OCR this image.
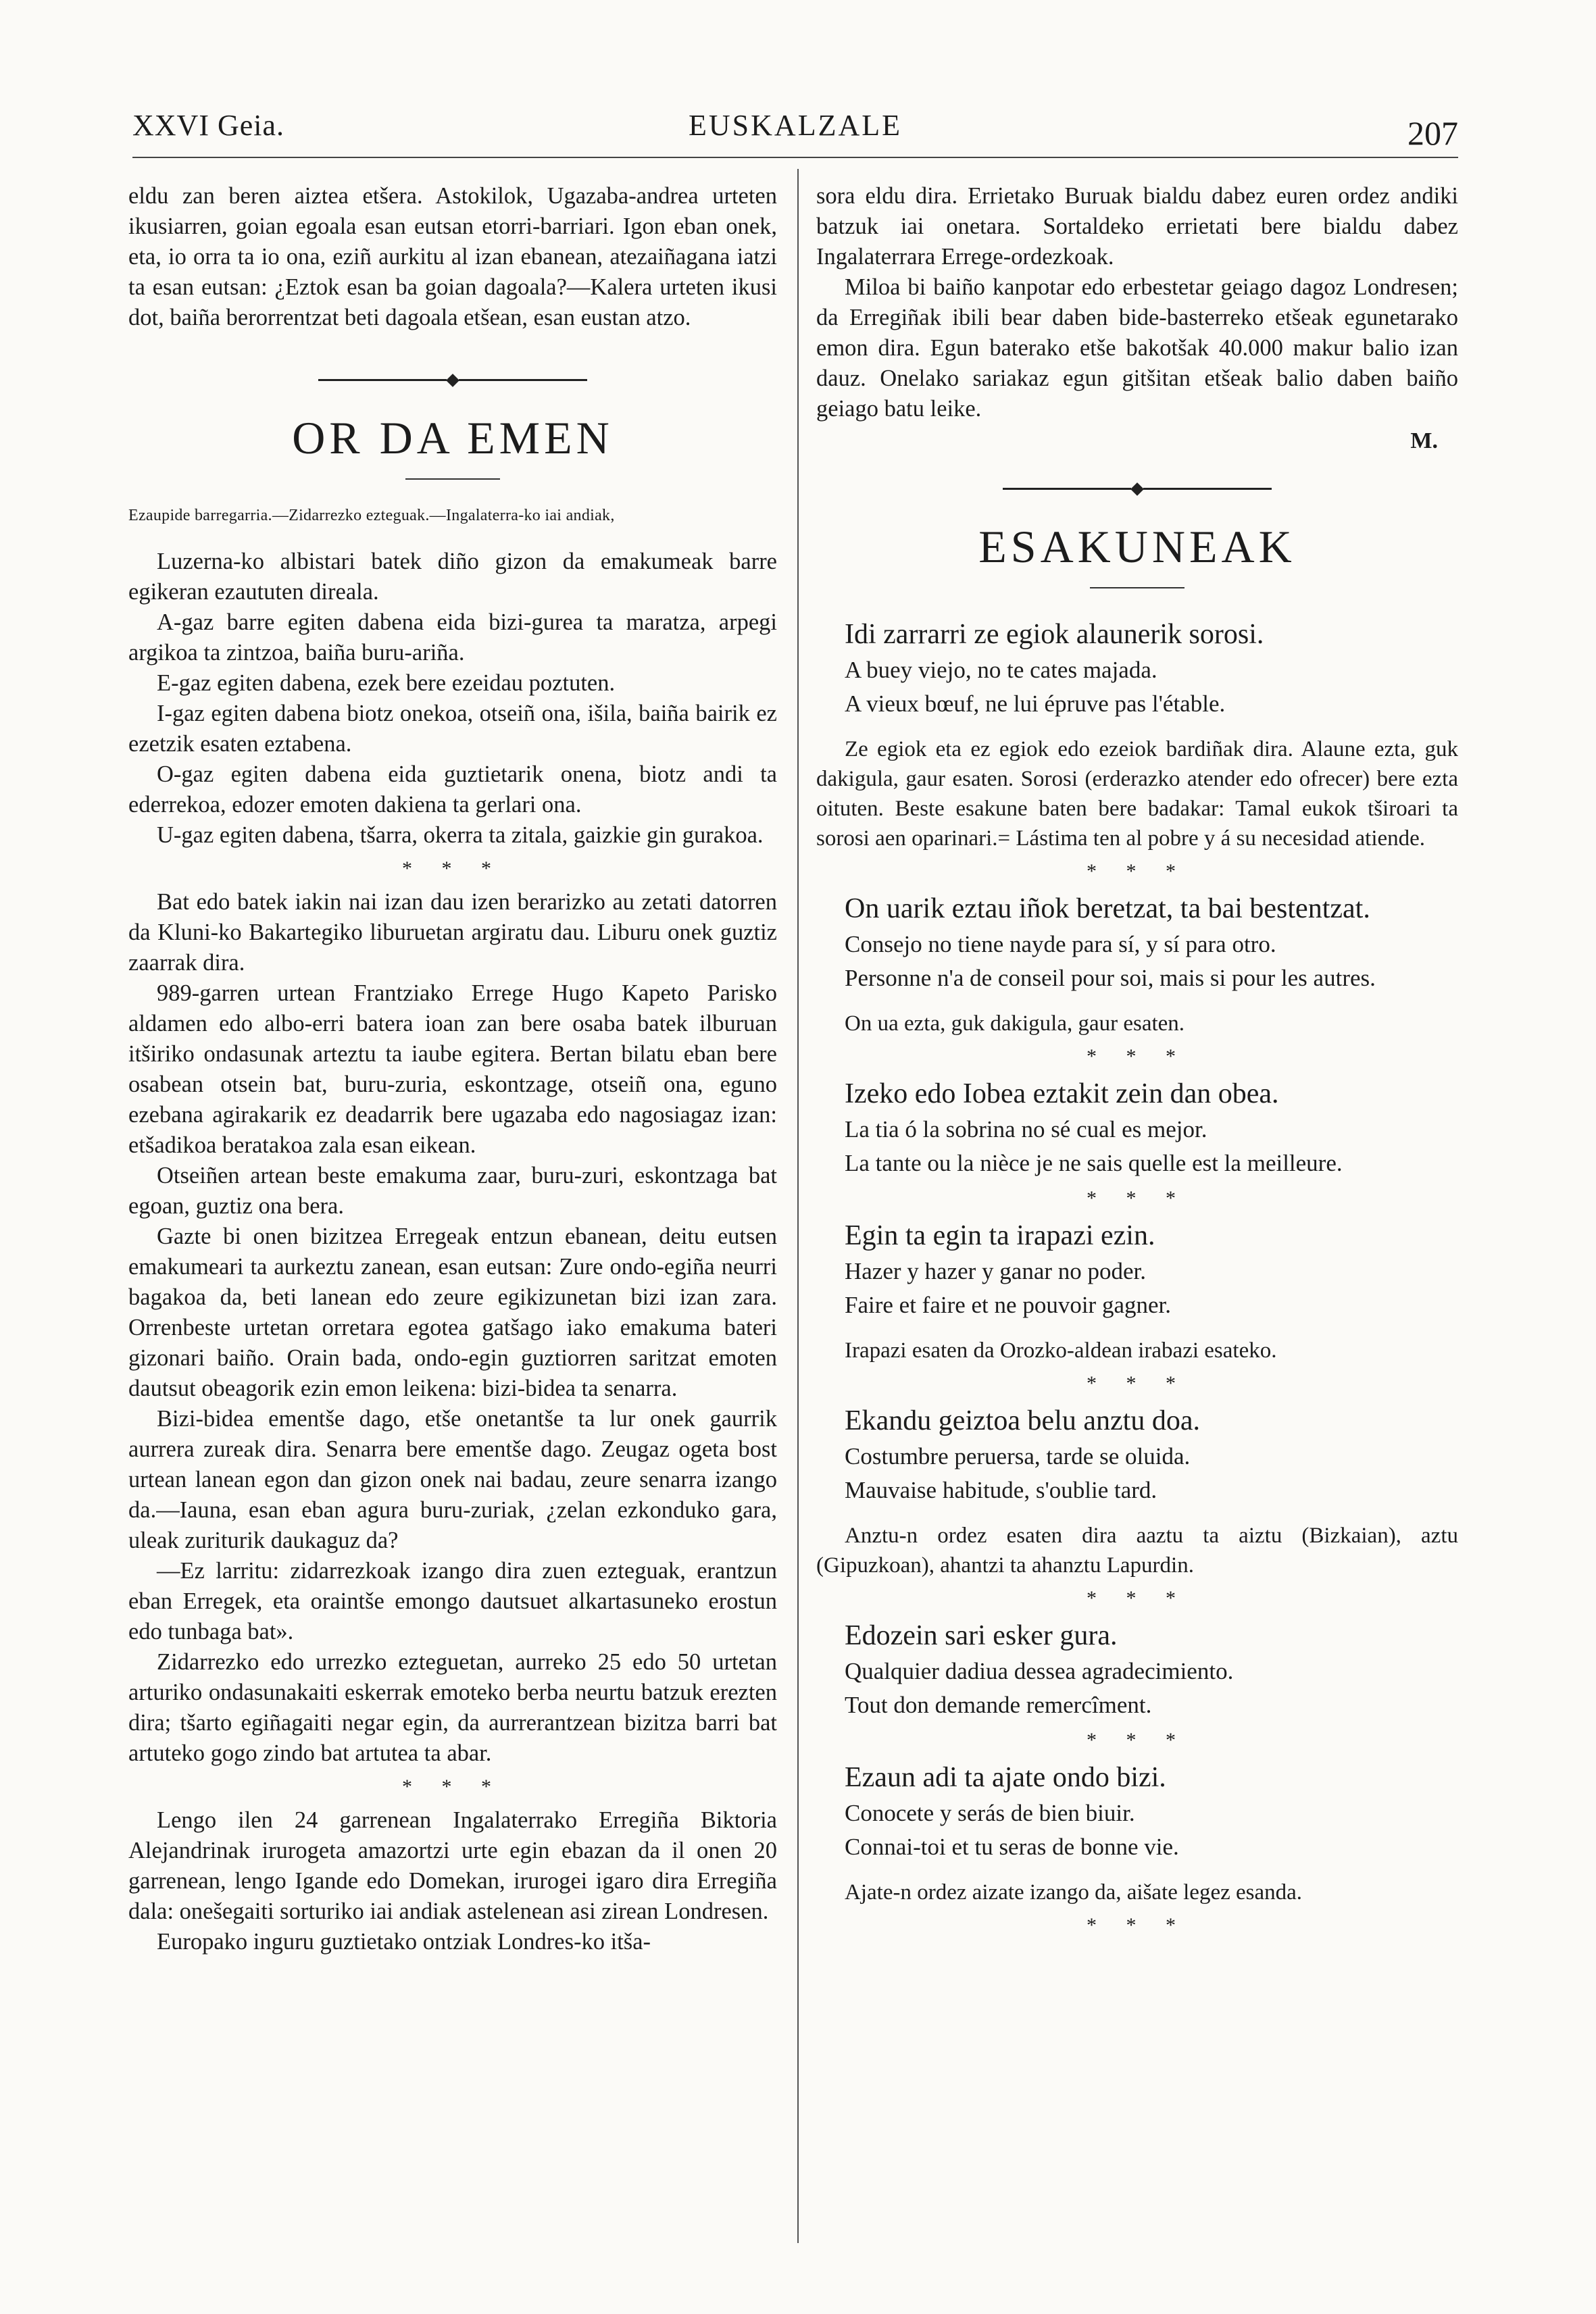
XXVI Geia.	EUSKALZALE	207

eldu zan beren aiztea etšera. Astokilok, Ugazaba-andrea urteten ikusiarren, goian egoala esan eutsan etorri-barriari. Igon eban onek, eta, io orra ta io ona, eziñ aurkitu al izan ebanean, atezaiñagana iatzi ta esan eutsan: ¿Eztok esan ba goian dagoala?—Kalera urteten ikusi dot, baiña berorrentzat beti dagoala etšean, esan eustan atzo.

OR DA EMEN

Ezaupide barregarria.—Zidarrezko ezteguak.—Ingalaterra-ko iai andiak,

Luzerna-ko albistari batek diño gizon da emakumeak barre egikeran ezaututen direala.

A-gaz barre egiten dabena eida bizi-gurea ta maratza, arpegi argikoa ta zintzoa, baiña buru-ariña.

E-gaz egiten dabena, ezek bere ezeidau poztuten.

I-gaz egiten dabena biotz onekoa, otseiñ ona, išila, baiña bairik ez ezetzik esaten eztabena.

O-gaz egiten dabena eida guztietarik onena, biotz andi ta ederrekoa, edozer emoten dakiena ta gerlari ona.

U-gaz egiten dabena, tšarra, okerra ta zitala, gaizkie gin gurakoa.

* * *

Bat edo batek iakin nai izan dau izen berarizko au zetati datorren da Kluni-ko Bakartegiko liburuetan argiratu dau. Liburu onek guztiz zaarrak dira.

989-garren urtean Frantziako Errege Hugo Kapeto Parisko aldamen edo albo-erri batera ioan zan bere osaba batek ilburuan itširiko ondasunak arteztu ta iaube egitera. Bertan bilatu eban bere osabean otsein bat, buru-zuria, eskontzage, otseiñ ona, eguno ezebana agirakarik ez deadarrik bere ugazaba edo nagosiagaz izan: etšadikoa beratakoa zala esan eikean.

Otseiñen artean beste emakuma zaar, buru-zuri, eskontzaga bat egoan, guztiz ona bera.

Gazte bi onen bizitzea Erregeak entzun ebanean, deitu eutsen emakumeari ta aurkeztu zanean, esan eutsan: Zure ondo-egiña neurri bagakoa da, beti lanean edo zeure egikizunetan bizi izan zara. Orrenbeste urtetan orretara egotea gatšago iako emakuma bateri gizonari baiño. Orain bada, ondo-egin guztiorren saritzat emoten dautsut obeagorik ezin emon leikena: bizi-bidea ta senarra.

Bizi-bidea ementše dago, etše onetantše ta lur onek gaurrik aurrera zureak dira. Senarra bere ementše dago. Zeugaz ogeta bost urtean lanean egon dan gizon onek nai badau, zeure senarra izango da.—Iauna, esan eban agura buru-zuriak, ¿zelan ezkonduko gara, uleak zuriturik daukaguz da?

—Ez larritu: zidarrezkoak izango dira zuen ezteguak, erantzun eban Erregek, eta oraintše emongo dautsuet alkartasuneko erostun edo tunbaga bat».

Zidarrezko edo urrezko ezteguetan, aurreko 25 edo 50 urtetan arturiko ondasunakaiti eskerrak emoteko berba neurtu batzuk erezten dira; tšarto egiñagaiti negar egin, da aurrerantzean bizitza barri bat artuteko gogo zindo bat artutea ta abar.

* * *

Lengo ilen 24 garrenean Ingalaterrako Erregiña Biktoria Alejandrinak irurogeta amazortzi urte egin ebazan da il onen 20 garrenean, lengo Igande edo Domekan, irurogei igaro dira Erregiña dala: onešegaiti sorturiko iai andiak astelenean asi zirean Londresen.

Europako inguru guztietako ontziak Londres-ko itša-

sora eldu dira. Errietako Buruak bialdu dabez euren ordez andiki batzuk iai onetara. Sortaldeko errietati bere bialdu dabez Ingalaterrara Errege-ordezkoak.

Miloa bi baiño kanpotar edo erbestetar geiago dagoz Londresen; da Erregiñak ibili bear daben bide-basterreko etšeak egunetarako emon dira. Egun baterako etše bakotšak 40.000 makur balio izan dauz. Onelako sariakaz egun gitšitan etšeak balio daben baiño geiago batu leike.

M.

ESAKUNEAK

Idi zarrarri ze egiok alaunerik sorosi.

A buey viejo, no te cates majada.

A vieux bœuf, ne lui épruve pas l'étable.

Ze egiok eta ez egiok edo ezeiok bardiñak dira. Alaune ezta, guk dakigula, gaur esaten. Sorosi (erderazko atender edo ofrecer) bere ezta oituten. Beste esakune baten bere badakar: Tamal eukok tširoari ta sorosi aen oparinari.= Lástima ten al pobre y á su necesidad atiende.

* * *

On uarik eztau iñok beretzat, ta bai bestentzat.

Consejo no tiene nayde para sí, y sí para otro.

Personne n'a de conseil pour soi, mais si pour les autres.

On ua ezta, guk dakigula, gaur esaten.

* * *

Izeko edo Iobea eztakit zein dan obea.

La tia ó la sobrina no sé cual es mejor.

La tante ou la nièce je ne sais quelle est la meilleure.

* * *

Egin ta egin ta irapazi ezin.

Hazer y hazer y ganar no poder.

Faire et faire et ne pouvoir gagner.

Irapazi esaten da Orozko-aldean irabazi esateko.

* * *

Ekandu geiztoa belu anztu doa.

Costumbre peruersa, tarde se oluida.

Mauvaise habitude, s'oublie tard.

Anztu-n ordez esaten dira aaztu ta aiztu (Bizkaian), aztu (Gipuzkoan), ahantzi ta ahanztu Lapurdin.

* * *

Edozein sari esker gura.

Qualquier dadiua dessea agradecimiento.

Tout don demande remercîment.

* * *

Ezaun adi ta ajate ondo bizi.

Conocete y serás de bien biuir.

Connai-toi et tu seras de bonne vie.

Ajate-n ordez aizate izango da, aišate legez esanda.

* * *
